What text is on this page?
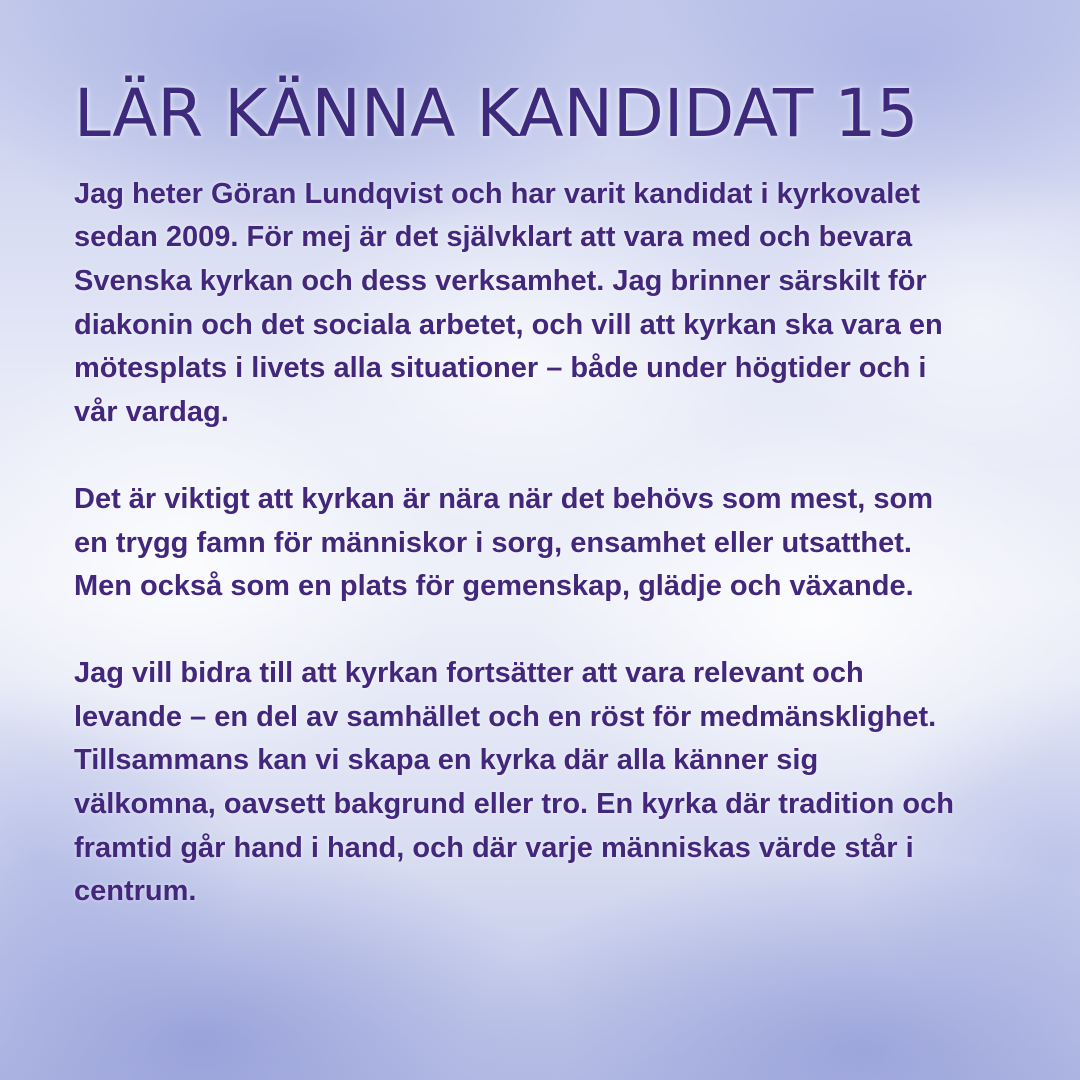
LÄR KÄNNA KANDIDAT 15

Jag heter Göran Lundqvist och har varit kandidat i kyrkovalet
sedan 2009. För mej är det självklart att vara med och bevara
Svenska kyrkan och dess verksamhet. Jag brinner särskilt för
diakonin och det sociala arbetet, och vill att kyrkan ska vara en
mötesplats i livets alla situationer – både under högtider och i
vår vardag.

Det är viktigt att kyrkan är nära när det behövs som mest, som
en trygg famn för människor i sorg, ensamhet eller utsatthet.
Men också som en plats för gemenskap, glädje och växande.

Jag vill bidra till att kyrkan fortsätter att vara relevant och
levande – en del av samhället och en röst för medmänsklighet.
Tillsammans kan vi skapa en kyrka där alla känner sig
välkomna, oavsett bakgrund eller tro. En kyrka där tradition och
framtid går hand i hand, och där varje människas värde står i
centrum.
